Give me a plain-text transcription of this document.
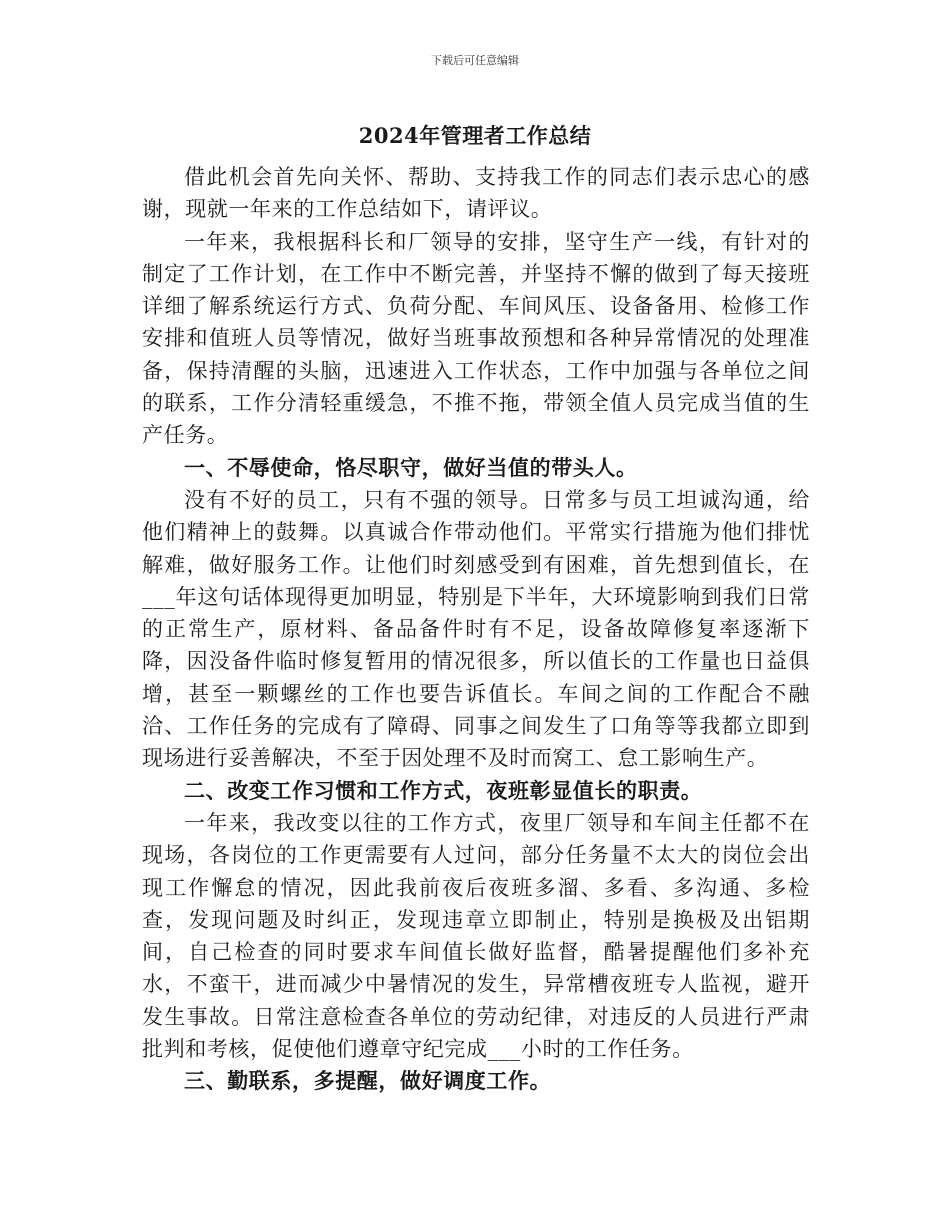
下载后可任意编辑
2024年管理者工作总结

借此机会首先向关怀、帮助、支持我工作的同志们表示忠心的感谢，现就一年来的工作总结如下，请评议。

一年来，我根据科长和厂领导的安排，坚守生产一线，有针对的制定了工作计划，在工作中不断完善，并坚持不懈的做到了每天接班详细了解系统运行方式、负荷分配、车间风压、设备备用、检修工作安排和值班人员等情况，做好当班事故预想和各种异常情况的处理准备，保持清醒的头脑，迅速进入工作状态，工作中加强与各单位之间的联系，工作分清轻重缓急，不推不拖，带领全值人员完成当值的生产任务。

一、不辱使命，恪尽职守，做好当值的带头人。

没有不好的员工，只有不强的领导。日常多与员工坦诚沟通，给他们精神上的鼓舞。以真诚合作带动他们。平常实行措施为他们排忧解难，做好服务工作。让他们时刻感受到有困难，首先想到值长，在___年这句话体现得更加明显，特别是下半年，大环境影响到我们日常的正常生产，原材料、备品备件时有不足，设备故障修复率逐渐下降，因没备件临时修复暂用的情况很多，所以值长的工作量也日益俱增，甚至一颗螺丝的工作也要告诉值长。车间之间的工作配合不融洽、工作任务的完成有了障碍、同事之间发生了口角等等我都立即到现场进行妥善解决，不至于因处理不及时而窝工、怠工影响生产。

二、改变工作习惯和工作方式，夜班彰显值长的职责。

一年来，我改变以往的工作方式，夜里厂领导和车间主任都不在现场，各岗位的工作更需要有人过问，部分任务量不太大的岗位会出现工作懈怠的情况，因此我前夜后夜班多溜、多看、多沟通、多检查，发现问题及时纠正，发现违章立即制止，特别是换极及出铝期间，自己检查的同时要求车间值长做好监督，酷暑提醒他们多补充水，不蛮干，进而减少中暑情况的发生，异常槽夜班专人监视，避开发生事故。日常注意检查各单位的劳动纪律，对违反的人员进行严肃批判和考核，促使他们遵章守纪完成___小时的工作任务。

三、勤联系，多提醒，做好调度工作。
